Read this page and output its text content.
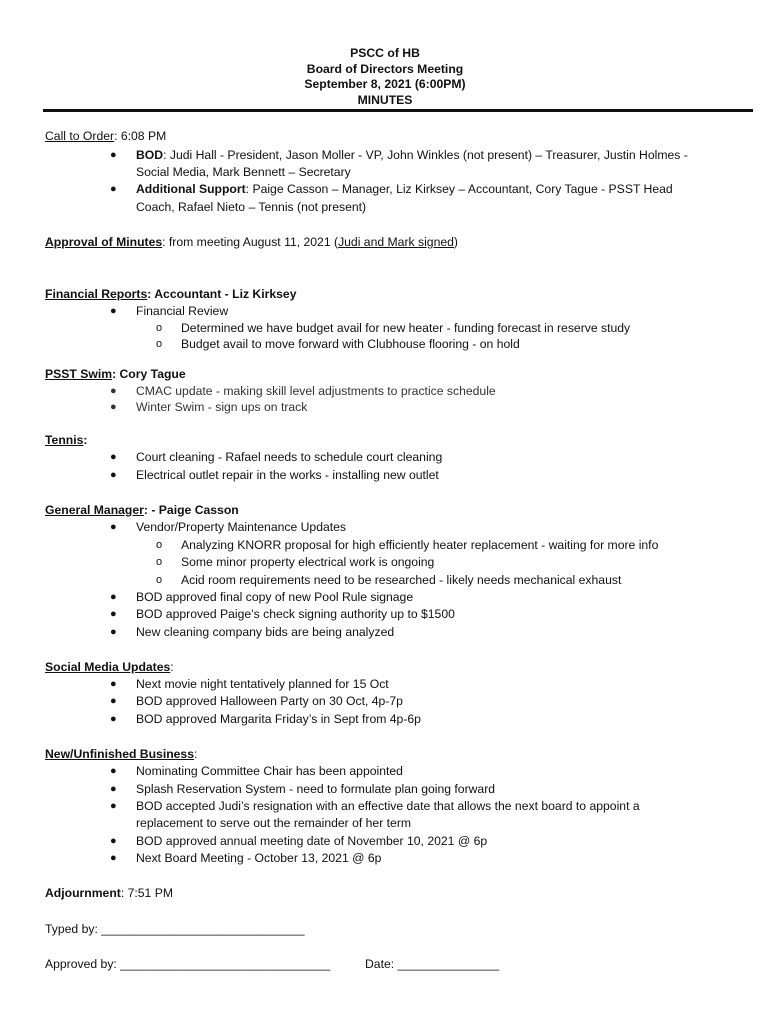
PSCC of HB
Board of Directors Meeting
September 8, 2021 (6:00PM)
MINUTES
Call to Order: 6:08 PM
● BOD: Judi Hall - President, Jason Moller - VP, John Winkles (not present) – Treasurer, Justin Holmes -
Social Media, Mark Bennett – Secretary
● Additional Support: Paige Casson – Manager, Liz Kirksey – Accountant, Cory Tague - PSST Head
Coach, Rafael Nieto – Tennis (not present)
Approval of Minutes: from meeting August 11, 2021 (Judi and Mark signed)
Financial Reports: Accountant - Liz Kirksey
● Financial Review
o Determined we have budget avail for new heater - funding forecast in reserve study
o Budget avail to move forward with Clubhouse flooring - on hold
PSST Swim: Cory Tague
● CMAC update - making skill level adjustments to practice schedule
● Winter Swim - sign ups on track
Tennis:
● Court cleaning - Rafael needs to schedule court cleaning
● Electrical outlet repair in the works - installing new outlet
General Manager: - Paige Casson
● Vendor/Property Maintenance Updates
o Analyzing KNORR proposal for high efficiently heater replacement - waiting for more info
o Some minor property electrical work is ongoing
o Acid room requirements need to be researched - likely needs mechanical exhaust
● BOD approved final copy of new Pool Rule signage
● BOD approved Paige’s check signing authority up to $1500
● New cleaning company bids are being analyzed
Social Media Updates:
● Next movie night tentatively planned for 15 Oct
● BOD approved Halloween Party on 30 Oct, 4p-7p
● BOD approved Margarita Friday’s in Sept from 4p-6p
New/Unfinished Business:
● Nominating Committee Chair has been appointed
● Splash Reservation System - need to formulate plan going forward
● BOD accepted Judi’s resignation with an effective date that allows the next board to appoint a
replacement to serve out the remainder of her term
● BOD approved annual meeting date of November 10, 2021 @ 6p
● Next Board Meeting - October 13, 2021 @ 6p
Adjournment: 7:51 PM
Typed by: ______________________________
Approved by: _______________________________	Date: _______________
